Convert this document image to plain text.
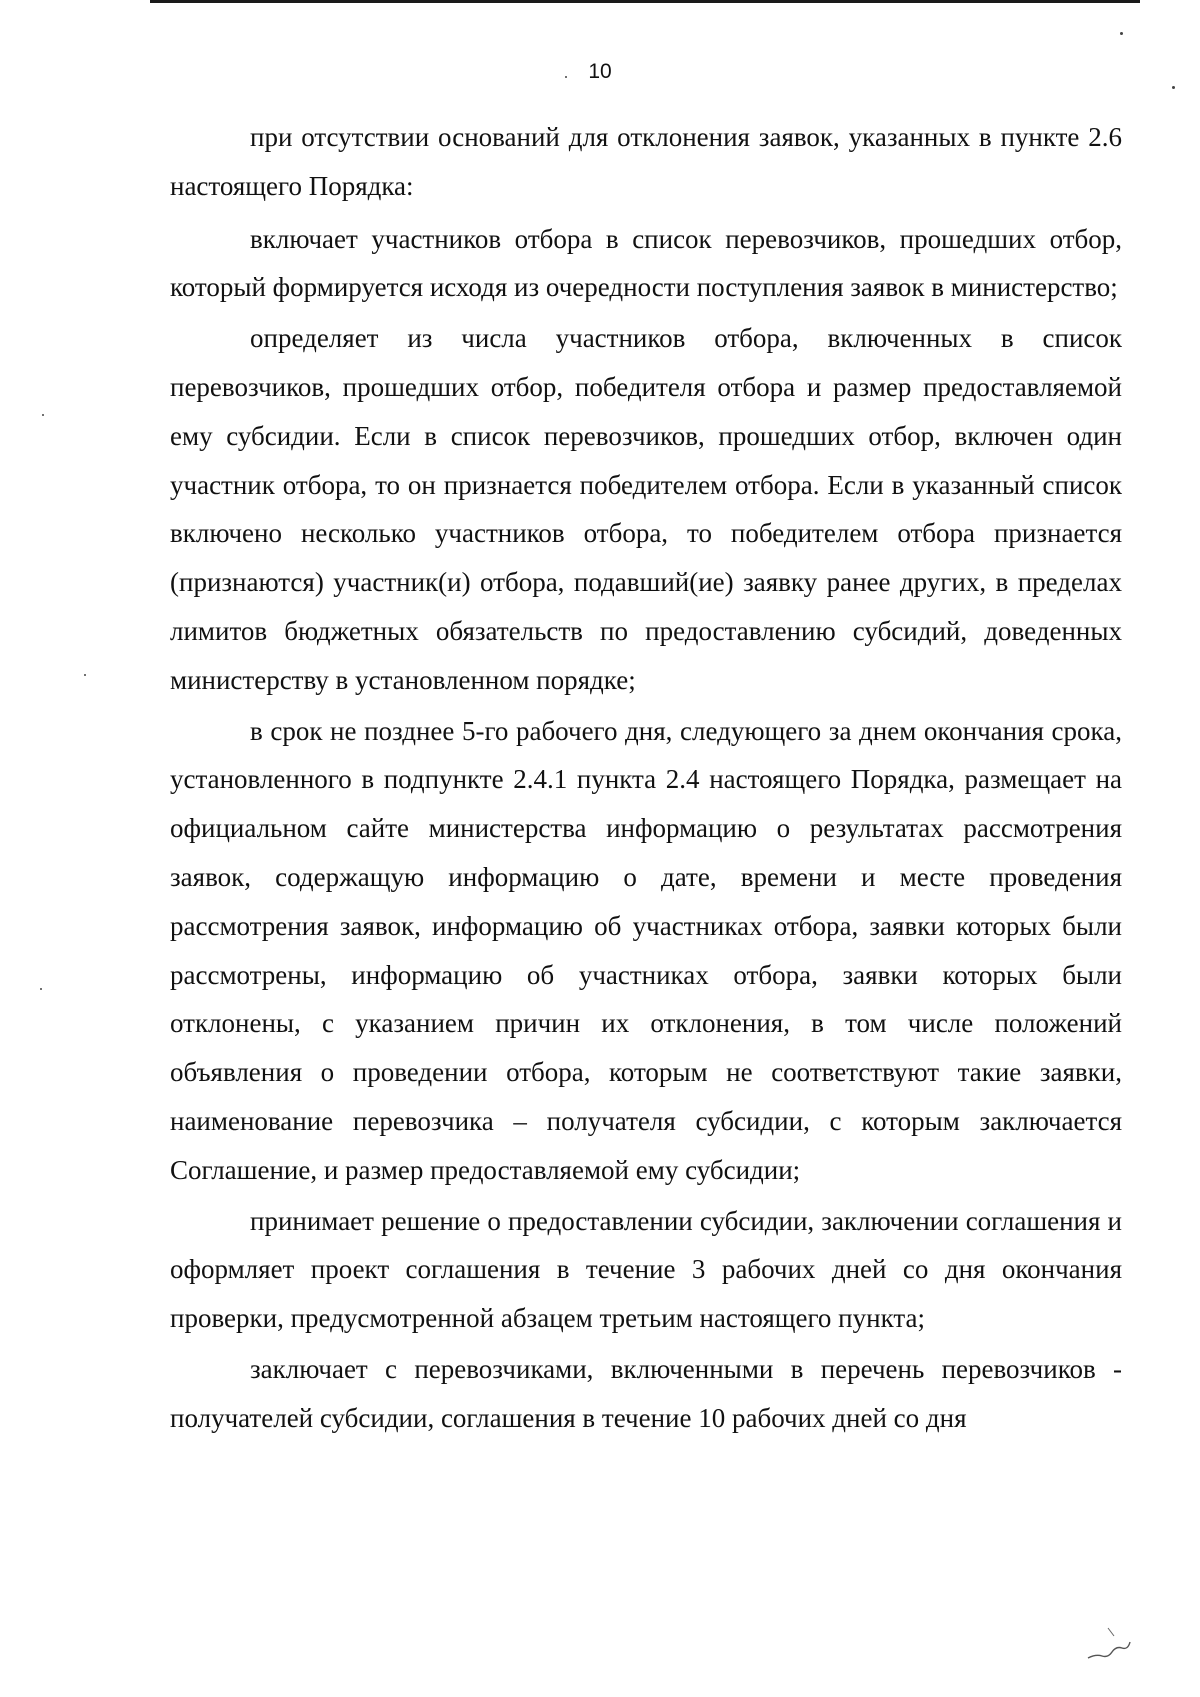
10

при отсутствии оснований для отклонения заявок, указанных в пункте 2.6 настоящего Порядка:

включает участников отбора в список перевозчиков, прошедших отбор, который формируется исходя из очередности поступления заявок в министерство;

определяет из числа участников отбора, включенных в список перевозчиков, прошедших отбор, победителя отбора и размер предоставляемой ему субсидии. Если в список перевозчиков, прошедших отбор, включен один участник отбора, то он признается победителем отбора. Если в указанный список включено несколько участников отбора, то победителем отбора признается (признаются) участник(и) отбора, подавший(ие) заявку ранее других, в пределах лимитов бюджетных обязательств по предоставлению субсидий, доведенных министерству в установленном порядке;

в срок не позднее 5-го рабочего дня, следующего за днем окончания срока, установленного в подпункте 2.4.1 пункта 2.4 настоящего Порядка, размещает на официальном сайте министерства информацию о результатах рассмотрения заявок, содержащую информацию о дате, времени и месте проведения рассмотрения заявок, информацию об участниках отбора, заявки которых были рассмотрены, информацию об участниках отбора, заявки которых были отклонены, с указанием причин их отклонения, в том числе положений объявления о проведении отбора, которым не соответствуют такие заявки, наименование перевозчика – получателя субсидии, с которым заключается Соглашение, и размер предоставляемой ему субсидии;

принимает решение о предоставлении субсидии, заключении соглашения и оформляет проект соглашения в течение 3 рабочих дней со дня окончания проверки, предусмотренной абзацем третьим настоящего пункта;

заключает с перевозчиками, включенными в перечень перевозчиков - получателей субсидии, соглашения в течение 10 рабочих дней со дня
